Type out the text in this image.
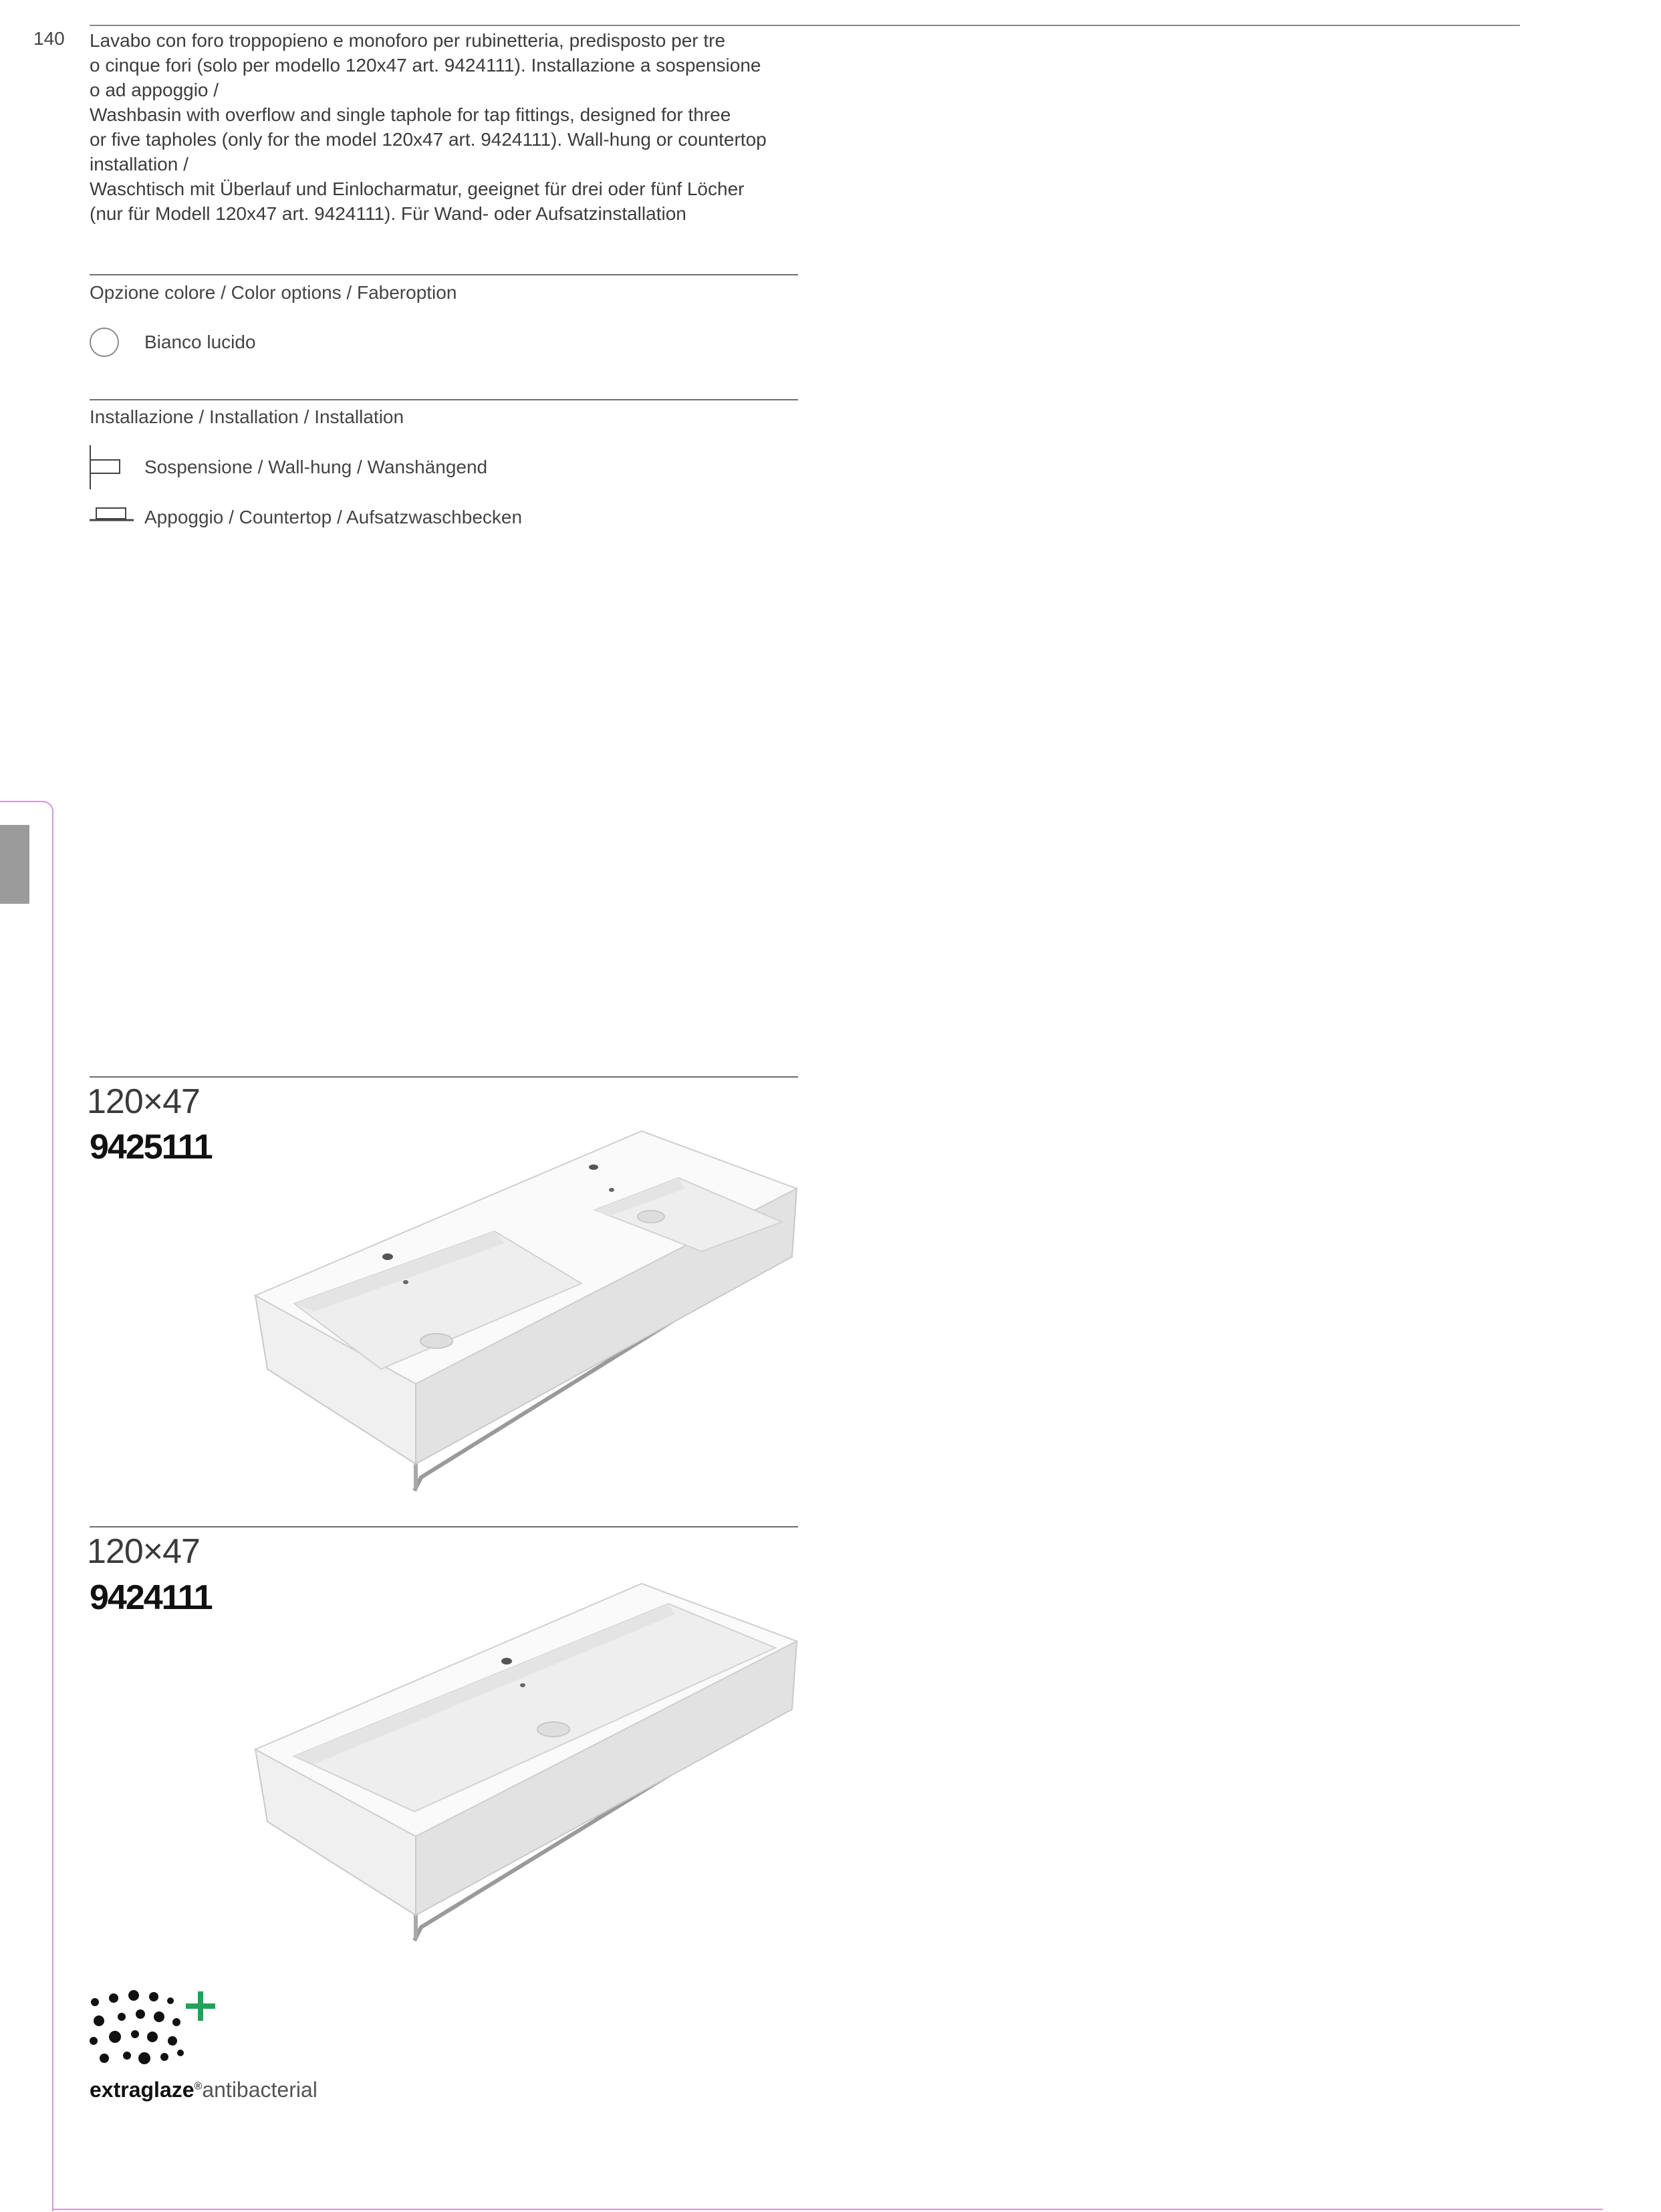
140 Lavabo con foro troppopieno e monoforo per rubinetteria, predisposto per tre
o cinque fori (solo per modello 120x47 art. 9424111). Installazione a sospensione
o ad appoggio /
Washbasin with overflow and single taphole for tap fittings, designed for three
or five tapholes (only for the model 120x47 art. 9424111). Wall-hung or countertop
installation /
Waschtisch mit Überlauf und Einlocharmatur, geeignet für drei oder fünf Löcher
(nur für Modell 120x47 art. 9424111). Für Wand- oder Aufsatzinstallation
Opzione colore / Color options / Faberoption
Bianco lucido
Installazione / Installation / Installation
Sospensione / Wall-hung / Wanshängend
Appoggio / Countertop / Aufsatzwaschbecken
120×47
9425111
120×47
9424111
extraglaze®antibacterial
